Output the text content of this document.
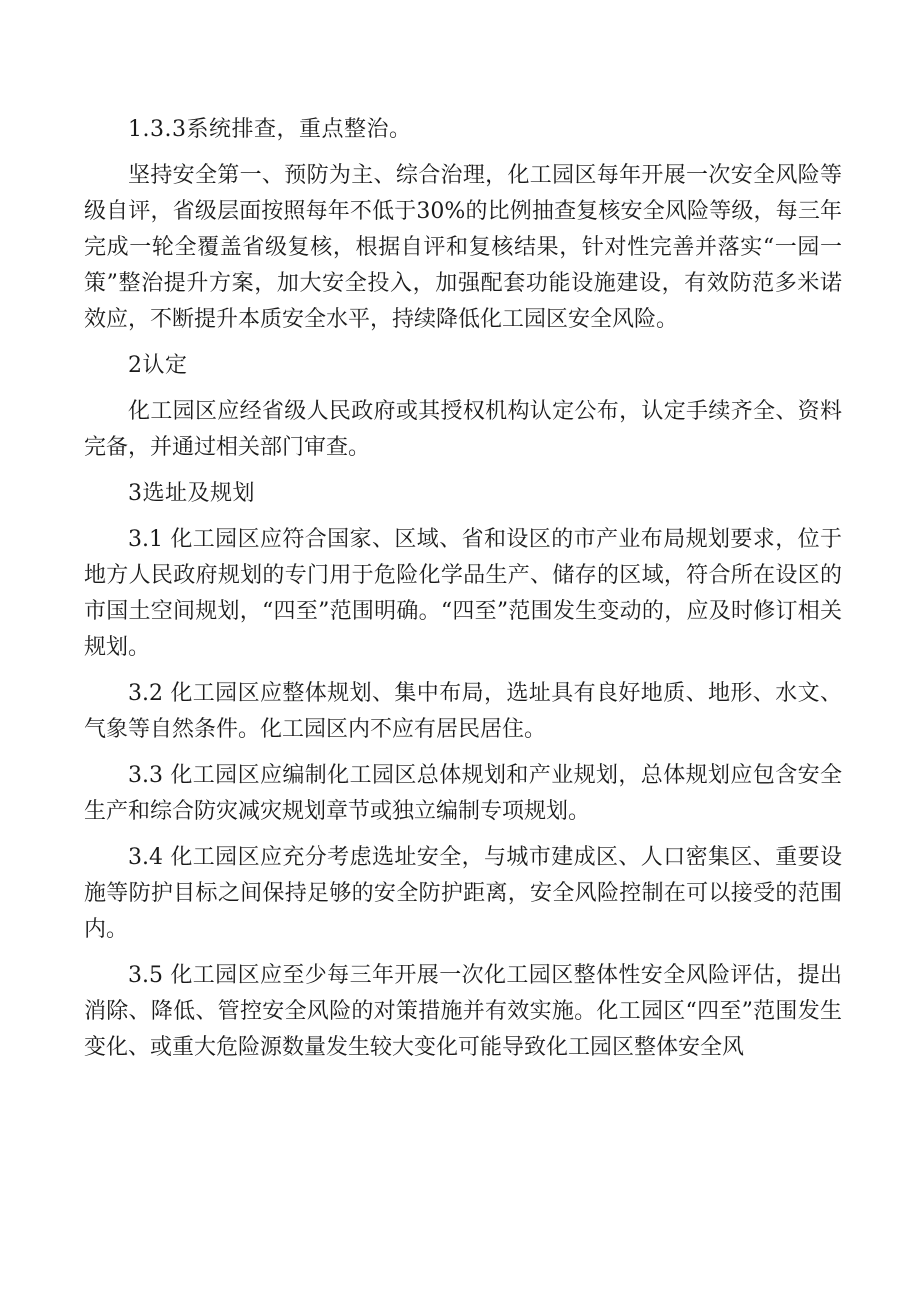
1.3.3系统排查，重点整治。

坚持安全第一、预防为主、综合治理，化工园区每年开展一次安全风险等级自评，省级层面按照每年不低于30%的比例抽查复核安全风险等级，每三年完成一轮全覆盖省级复核，根据自评和复核结果，针对性完善并落实“一园一策”整治提升方案，加大安全投入，加强配套功能设施建设，有效防范多米诺效应，不断提升本质安全水平，持续降低化工园区安全风险。

2认定

化工园区应经省级人民政府或其授权机构认定公布，认定手续齐全、资料完备，并通过相关部门审查。

3选址及规划

3.1 化工园区应符合国家、区域、省和设区的市产业布局规划要求，位于地方人民政府规划的专门用于危险化学品生产、储存的区域，符合所在设区的市国土空间规划，“四至”范围明确。“四至”范围发生变动的，应及时修订相关规划。

3.2 化工园区应整体规划、集中布局，选址具有良好地质、地形、水文、气象等自然条件。化工园区内不应有居民居住。

3.3 化工园区应编制化工园区总体规划和产业规划，总体规划应包含安全生产和综合防灾减灾规划章节或独立编制专项规划。

3.4 化工园区应充分考虑选址安全，与城市建成区、人口密集区、重要设施等防护目标之间保持足够的安全防护距离，安全风险控制在可以接受的范围内。

3.5 化工园区应至少每三年开展一次化工园区整体性安全风险评估，提出消除、降低、管控安全风险的对策措施并有效实施。化工园区“四至”范围发生变化、或重大危险源数量发生较大变化可能导致化工园区整体安全风
